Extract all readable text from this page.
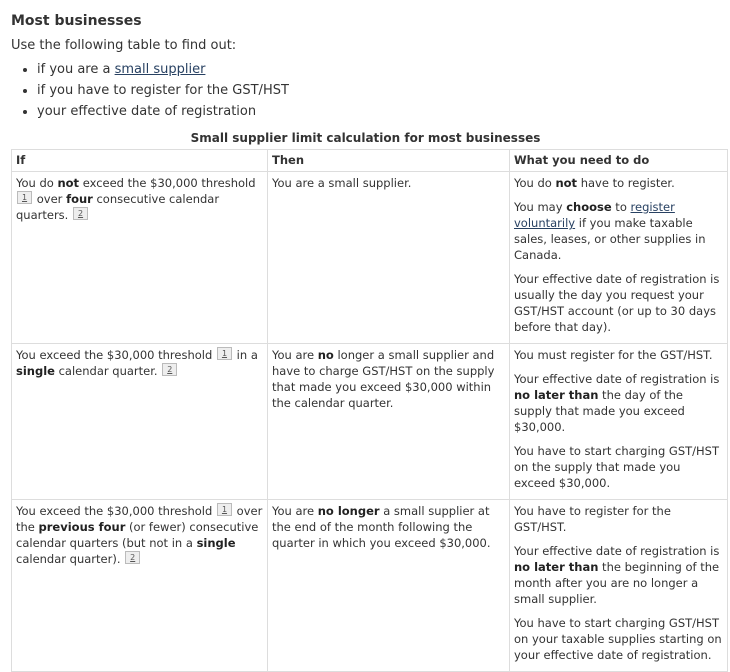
Most businesses

Use the following table to find out:

• if you are a small supplier
• if you have to register for the GST/HST
• your effective date of registration
Small supplier limit calculation for most businesses
If	Then	What you need to do
You do not exceed the $30,000 threshold 1 over four consecutive calendar quarters. 2	You are a small supplier.	You do not have to register.

You may choose to register voluntarily if you make taxable sales, leases, or other supplies in Canada.

Your effective date of registration is usually the day you request your GST/HST account (or up to 30 days before that day).

You exceed the $30,000 threshold 1 in a single calendar quarter. 2	You are no longer a small supplier and have to charge GST/HST on the supply that made you exceed $30,000 within the calendar quarter.	You must register for the GST/HST.

Your effective date of registration is no later than the day of the supply that made you exceed $30,000.

You have to start charging GST/HST on the supply that made you exceed $30,000.

You exceed the $30,000 threshold 1 over the previous four (or fewer) consecutive calendar quarters (but not in a single calendar quarter). 2	You are no longer a small supplier at the end of the month following the quarter in which you exceed $30,000.	You have to register for the GST/HST.

Your effective date of registration is no later than the beginning of the month after you are no longer a small supplier.

You have to start charging GST/HST on your taxable supplies starting on your effective date of registration.
